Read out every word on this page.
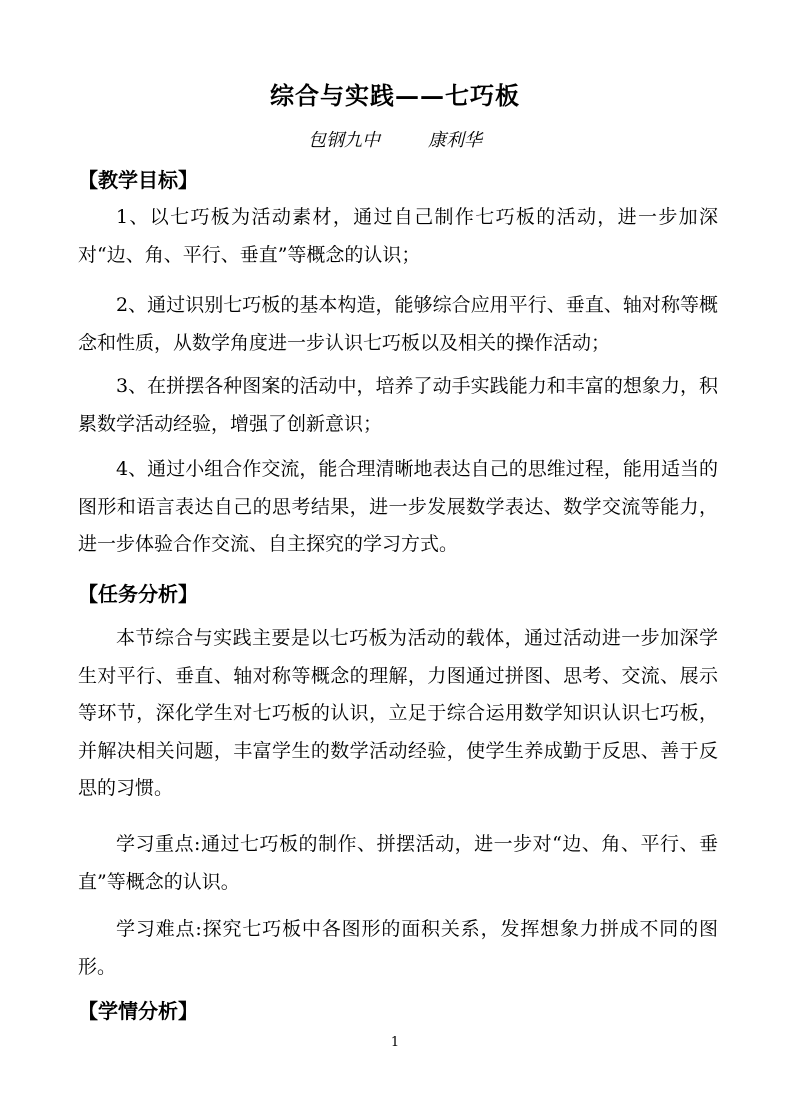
综合与实践——七巧板
包钢九中	康利华
【教学目标】

1、以七巧板为活动素材，通过自己制作七巧板的活动，进一步加深对“边、角、平行、垂直”等概念的认识；

2、通过识别七巧板的基本构造，能够综合应用平行、垂直、轴对称等概念和性质，从数学角度进一步认识七巧板以及相关的操作活动；

3、在拼摆各种图案的活动中，培养了动手实践能力和丰富的想象力，积累数学活动经验，增强了创新意识；

4、通过小组合作交流，能合理清晰地表达自己的思维过程，能用适当的图形和语言表达自己的思考结果，进一步发展数学表达、数学交流等能力，进一步体验合作交流、自主探究的学习方式。

【任务分析】

本节综合与实践主要是以七巧板为活动的载体，通过活动进一步加深学生对平行、垂直、轴对称等概念的理解，力图通过拼图、思考、交流、展示等环节，深化学生对七巧板的认识，立足于综合运用数学知识认识七巧板，并解决相关问题，丰富学生的数学活动经验，使学生养成勤于反思、善于反思的习惯。

学习重点:通过七巧板的制作、拼摆活动，进一步对“边、角、平行、垂直”等概念的认识。

学习难点:探究七巧板中各图形的面积关系，发挥想象力拼成不同的图形。

【学情分析】
1
